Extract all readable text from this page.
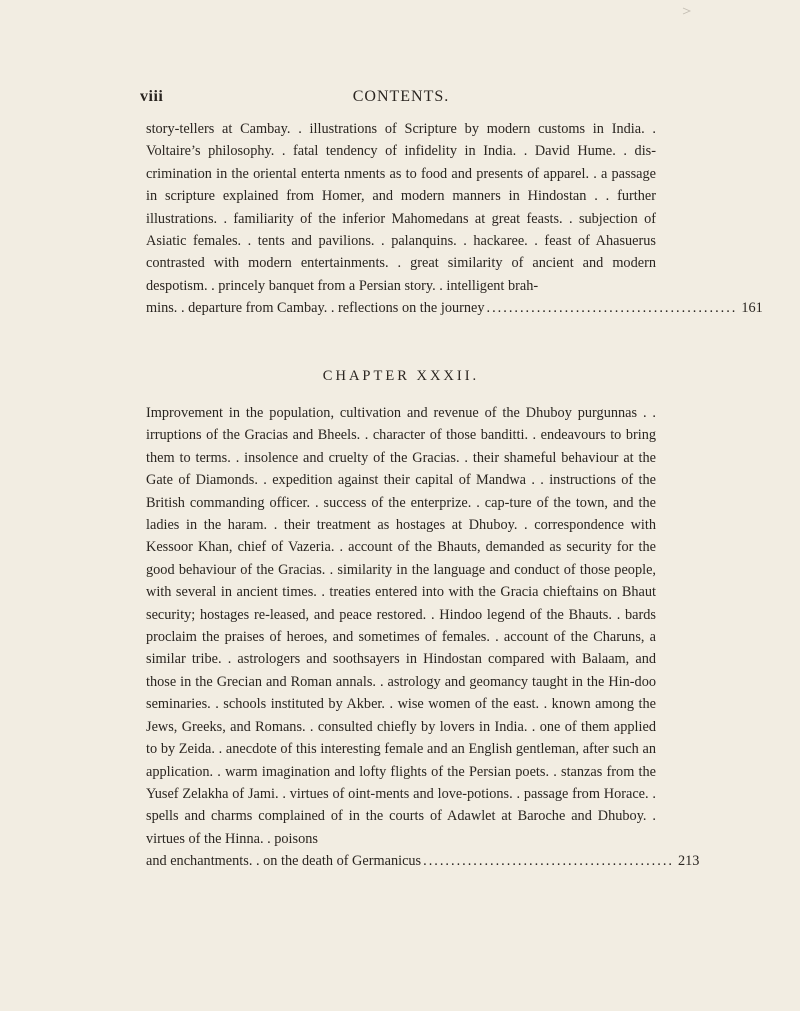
viii	CONTENTS.
story-tellers at Cambay. . illustrations of Scripture by modern customs in India. . Voltaire’s philosophy. . fatal tendency of infidelity in India. . David Hume. . dis-crimination in the oriental enterta nments as to food and presents of apparel. . a passage in scripture explained from Homer, and modern manners in Hindostan . . further illustrations. . familiarity of the inferior Mahomedans at great feasts. . subjection of Asiatic females. . tents and pavilions. . palanquins. . hackaree. . feast of Ahasuerus contrasted with modern entertainments. . great similarity of ancient and modern despotism. . princely banquet from a Persian story. . intelligent brah-
mins. . departure from Cambay. . reflections on the journey ............................................. 161
CHAPTER XXXII.
Improvement in the population, cultivation and revenue of the Dhuboy purgunnas . . irruptions of the Gracias and Bheels. . character of those banditti. . endeavours to bring them to terms. . insolence and cruelty of the Gracias. . their shameful behaviour at the Gate of Diamonds. . expedition against their capital of Mandwa . . instructions of the British commanding officer. . success of the enterprize. . cap-ture of the town, and the ladies in the haram. . their treatment as hostages at Dhuboy. . correspondence with Kessoor Khan, chief of Vazeria. . account of the Bhauts, demanded as security for the good behaviour of the Gracias. . similarity in the language and conduct of those people, with several in ancient times. . treaties entered into with the Gracia chieftains on Bhaut security; hostages re-leased, and peace restored. . Hindoo legend of the Bhauts. . bards proclaim the praises of heroes, and sometimes of females. . account of the Charuns, a similar tribe. . astrologers and soothsayers in Hindostan compared with Balaam, and those in the Grecian and Roman annals. . astrology and geomancy taught in the Hin-doo seminaries. . schools instituted by Akber. . wise women of the east. . known among the Jews, Greeks, and Romans. . consulted chiefly by lovers in India. . one of them applied to by Zeida. . anecdote of this interesting female and an English gentleman, after such an application. . warm imagination and lofty flights of the Persian poets. . stanzas from the Yusef Zelakha of Jami. . virtues of oint-ments and love-potions. . passage from Horace. . spells and charms complained of in the courts of Adawlet at Baroche and Dhuboy. . virtues of the Hinna. . poisons
and enchantments. . on the death of Germanicus ............................................. 213
